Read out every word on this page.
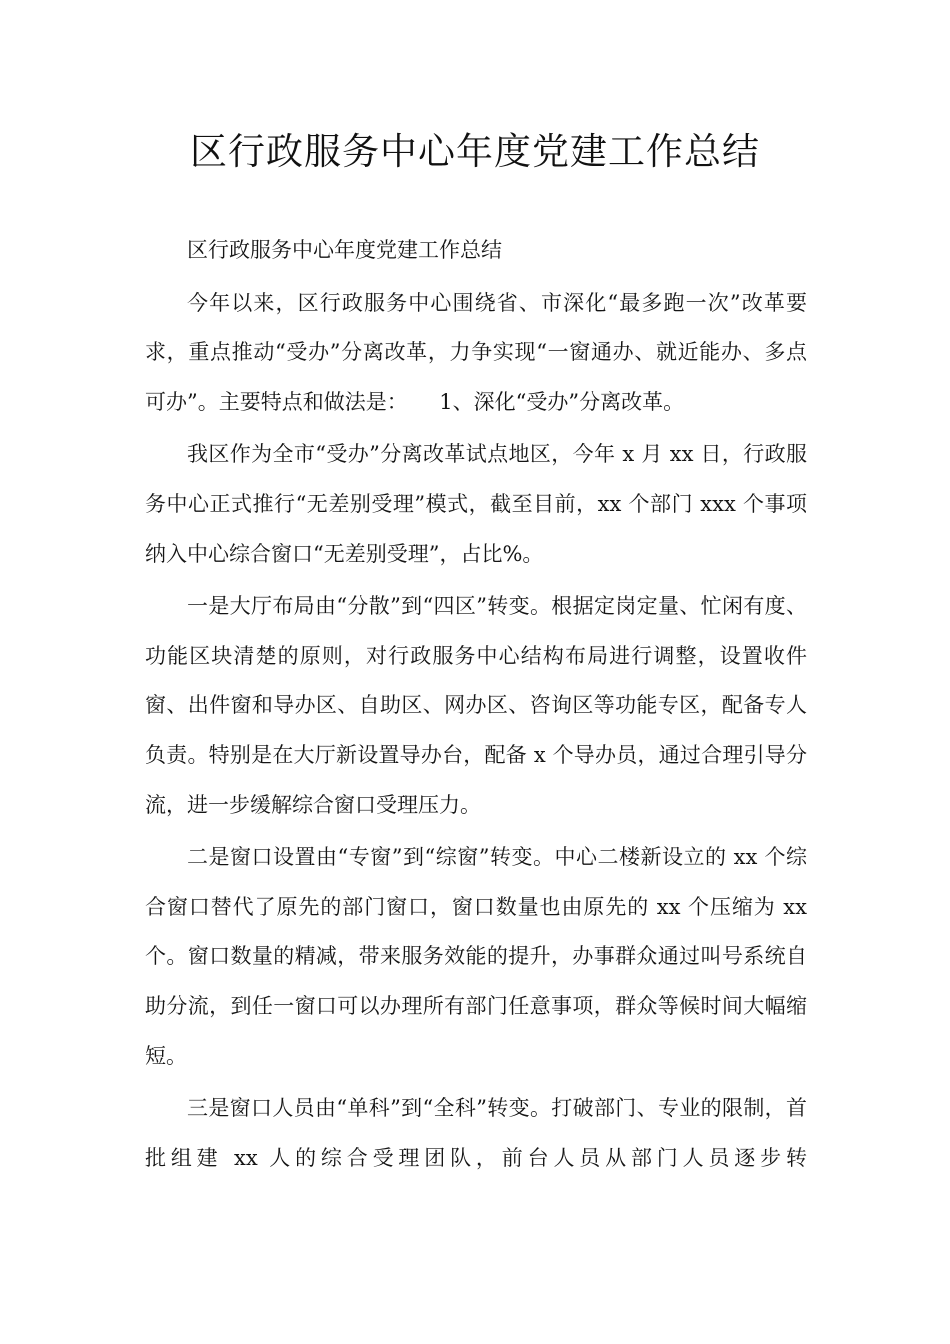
区行政服务中心年度党建工作总结

区行政服务中心年度党建工作总结

今年以来，区行政服务中心围绕省、市深化“最多跑一次”改革要求，重点推动“受办”分离改革，力争实现“一窗通办、就近能办、多点可办”。主要特点和做法是：　　1、深化“受办”分离改革。

我区作为全市“受办”分离改革试点地区，今年 x 月 xx 日，行政服务中心正式推行“无差别受理”模式，截至目前，xx 个部门 xxx 个事项纳入中心综合窗口“无差别受理”，占比%。

一是大厅布局由“分散”到“四区”转变。根据定岗定量、忙闲有度、功能区块清楚的原则，对行政服务中心结构布局进行调整，设置收件窗、出件窗和导办区、自助区、网办区、咨询区等功能专区，配备专人负责。特别是在大厅新设置导办台，配备 x 个导办员，通过合理引导分流，进一步缓解综合窗口受理压力。

二是窗口设置由“专窗”到“综窗”转变。中心二楼新设立的 xx 个综合窗口替代了原先的部门窗口，窗口数量也由原先的 xx 个压缩为 xx 个。窗口数量的精减，带来服务效能的提升，办事群众通过叫号系统自助分流，到任一窗口可以办理所有部门任意事项，群众等候时间大幅缩短。

三是窗口人员由“单科”到“全科”转变。打破部门、专业的限制，首批组建 xx 人的综合受理团队，前台人员从部门人员逐步转
